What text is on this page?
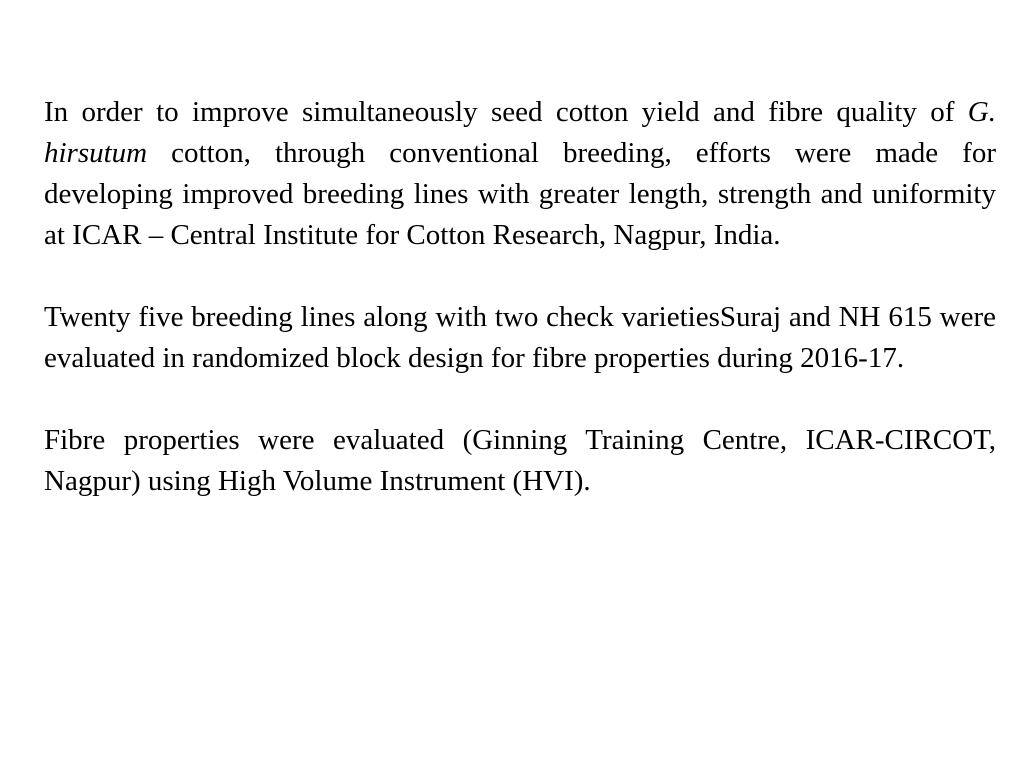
In order to improve simultaneously seed cotton yield and fibre quality of G. hirsutum cotton, through conventional breeding, efforts were made for developing improved breeding lines with greater length, strength and uniformity at ICAR – Central Institute for Cotton Research, Nagpur, India.

Twenty five breeding lines along with two check varietiesSuraj and NH 615 were evaluated in randomized block design for fibre properties during 2016-17.

Fibre properties were evaluated (Ginning Training Centre, ICAR-CIRCOT, Nagpur) using High Volume Instrument (HVI).
